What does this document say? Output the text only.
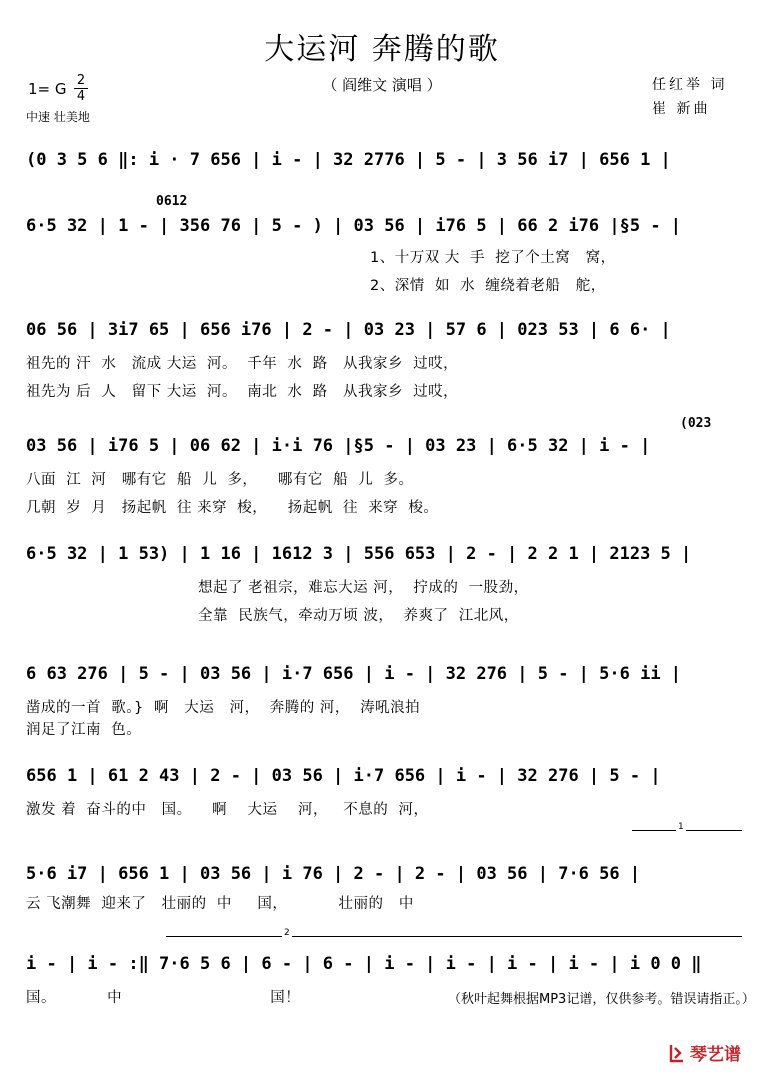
大运河 奔腾的歌
（ 阎维文 演唱 ）
1= G 2
4
中速 壮美地
任红举 词
崔 新曲
(0 3 5 6 ‖: i · 7 656 | i - | 32 2776 | 5 - | 3 56 i7 | 656 1 |
0612
6·5 32 | 1 - | 356 76 | 5 - ) | 03 56 | i76 5 | 66 2 i76 |§5 - |
1、十万双 大  手  挖了个土窝   窝，
2、深情  如  水  缠绕着老船   舵，
06 56 | 3i7 65 | 656 i76 | 2 - | 03 23 | 57 6 | 023 53 | 6 6· |
祖先的 汗  水   流成 大运  河。  千年  水  路   从我家乡  过哎，
祖先为 后  人   留下 大运  河。  南北  水  路   从我家乡  过哎，
(023
03 56 | i76 5 | 06 62 | i·i 76 |§5 - | 03 23 | 6·5 32 | i - |
八面  江  河   哪有它  船  儿  多，    哪有它  船  儿  多。
几朝  岁  月   扬起帆  往 来穿  梭，    扬起帆  往  来穿  梭。
6·5 32 | 1 53) | 1 16 | 1612 3 | 556 653 | 2 - | 2 2 1 | 2123 5 |
想起了 老祖宗，难忘大运 河，  拧成的  一股劲，
全靠  民族气，牵动万顷 波，  养爽了  江北风，
6 63 276 | 5 - | 03 56 | i·7 656 | i - | 32 276 | 5 - | 5·6 ii |
凿成的一首  歌。}  啊   大运   河，  奔腾的 河，  涛吼浪拍
润足了江南  色。
656 1 | 61 2 43 | 2 - | 03 56 | i·7 656 | i - | 32 276 | 5 - |
激发 着  奋斗的中   国。    啊    大运    河，   不息的  河，
1
5·6 i7 | 656 1 | 03 56 | i 76 | 2 - | 2 - | 03 56 | 7·6 56 |
云 飞潮舞  迎来了   壮丽的  中     国，          壮丽的   中
2
i - | i - :‖ 7·6 5 6 | 6 - | 6 - | i - | i - | i - | i - | i 0 0 ‖
国。          中                             国！	（秋叶起舞根据MP3记谱，仅供参考。错误请指正。）
琴艺谱
